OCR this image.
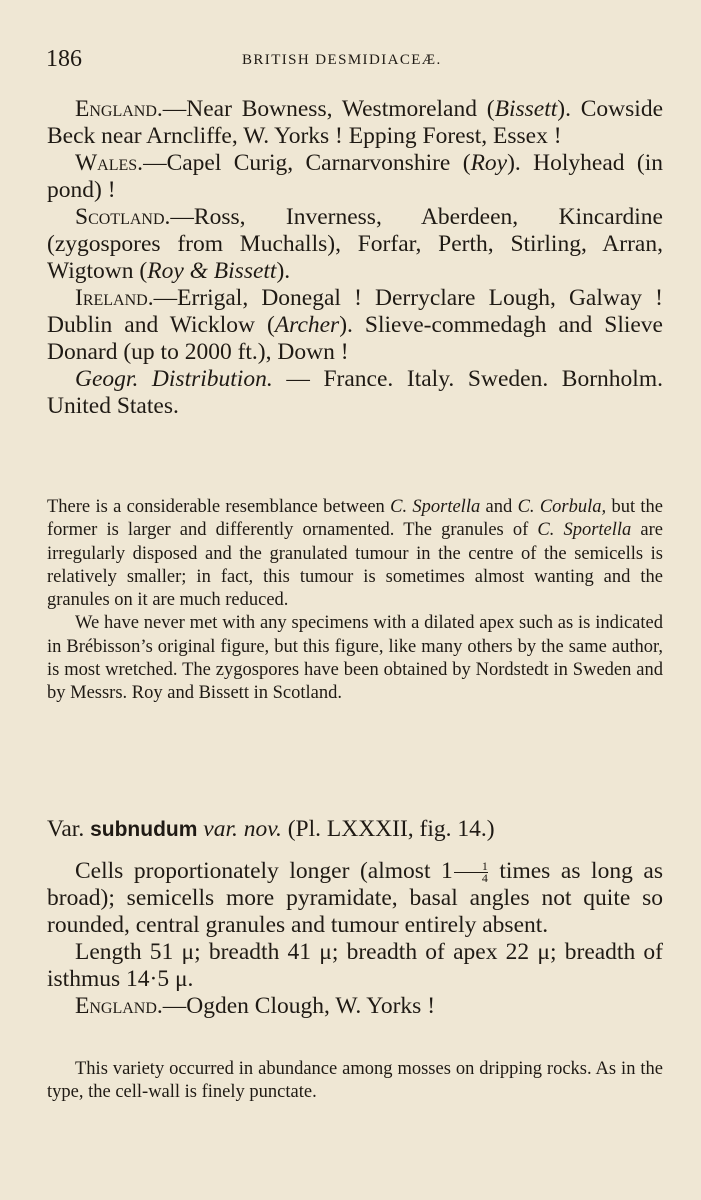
186	BRITISH DESMIDIACEÆ.

England.—Near Bowness, Westmoreland (Bissett). Cowside Beck near Arncliffe, W. Yorks ! Epping Forest, Essex !

Wales.—Capel Curig, Carnarvonshire (Roy). Holyhead (in pond) !

Scotland.—Ross, Inverness, Aberdeen, Kincardine (zygospores from Muchalls), Forfar, Perth, Stirling, Arran, Wigtown (Roy & Bissett).

Ireland.—Errigal, Donegal ! Derryclare Lough, Galway ! Dublin and Wicklow (Archer). Slieve-commedagh and Slieve Donard (up to 2000 ft.), Down !

Geogr. Distribution. — France. Italy. Sweden. Bornholm. United States.

There is a considerable resemblance between C. Sportella and C. Corbula, but the former is larger and differently ornamented. The granules of C. Sportella are irregularly disposed and the granulated tumour in the centre of the semicells is relatively smaller; in fact, this tumour is sometimes almost wanting and the granules on it are much reduced.

We have never met with any specimens with a dilated apex such as is indicated in Brébisson’s original figure, but this figure, like many others by the same author, is most wretched. The zygospores have been obtained by Nordstedt in Sweden and by Messrs. Roy and Bissett in Scotland.

Var. subnudum var. nov. (Pl. LXXXII, fig. 14.)

Cells proportionately longer (almost $1 \frac{1}{4}$ times as long as broad); semicells more pyramidate, basal angles not quite so rounded, central granules and tumour entirely absent.

Length 51 μ; breadth 41 μ; breadth of apex 22 μ; breadth of isthmus 14·5 μ.

England.—Ogden Clough, W. Yorks !

This variety occurred in abundance among mosses on dripping rocks. As in the type, the cell-wall is finely punctate.
